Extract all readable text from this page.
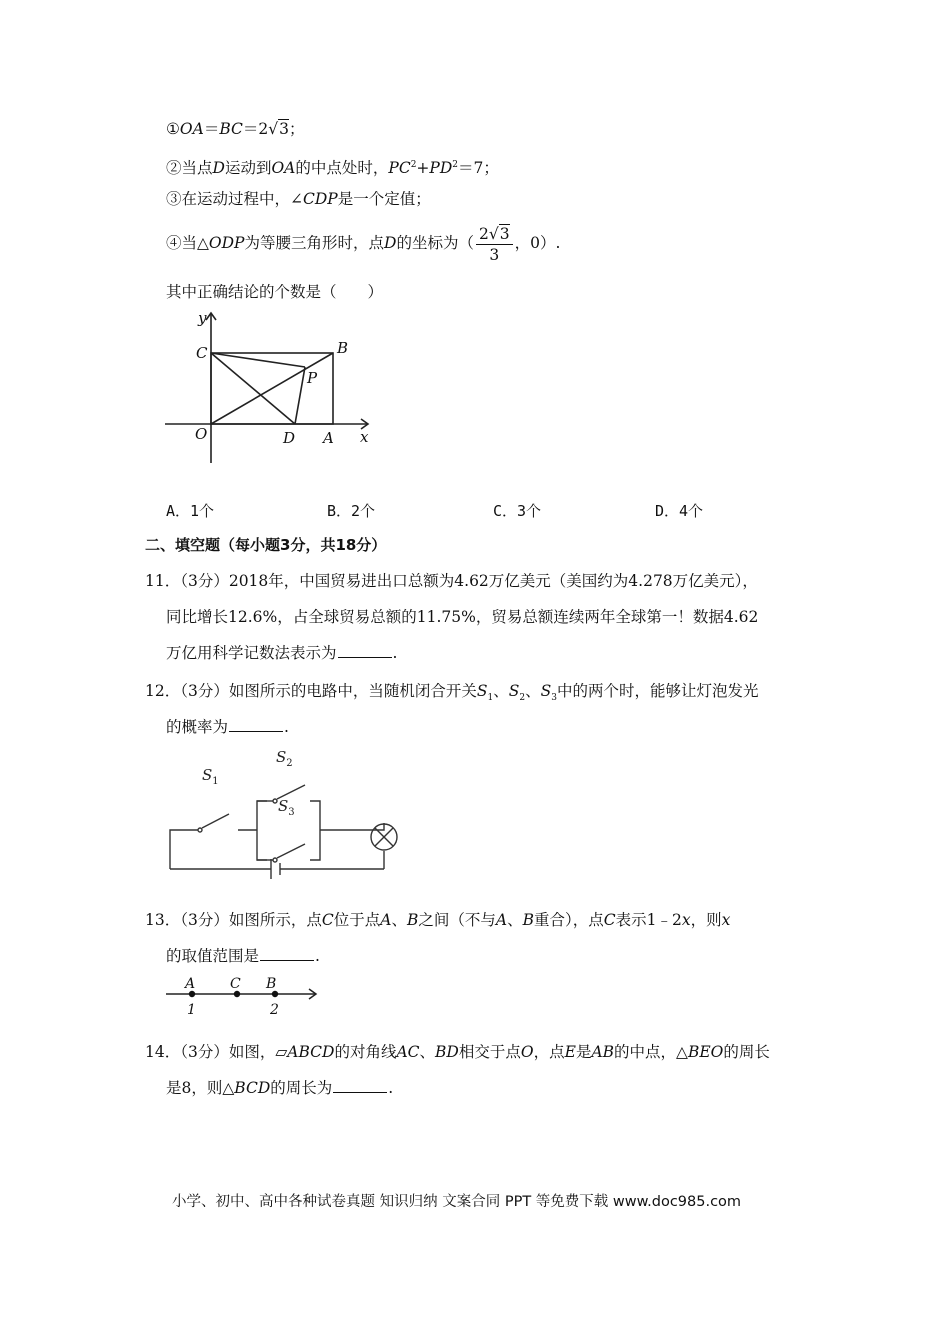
①OA＝BC＝2√3；
②当点D运动到OA的中点处时，$PC^2+PD^2=7$；
③在运动过程中，∠CDP是一个定值；
④当△ODP为等腰三角形时，点D的坐标为（ $\frac{2√3}{3}$ ，0）.
其中正确结论的个数是（　　）
y
x
C	B
P
O	D A
A．1个	B．2个	C．3个	D．4个
二、填空题（每小题3分，共18分）
11．（3分）2018年，中国贸易进出口总额为4.62万亿美元（美国约为4.278万亿美元），
同比增长12.6%，占全球贸易总额的11.75%，贸易总额连续两年全球第一！数据4.62
万亿用科学记数法表示为	.
12．（3分）如图所示的电路中，当随机闭合开关$S_1$、$S_2$、$S_3$中的两个时，能够让灯泡发光
的概率为	.
$S_1$
$S_2$
$S_3$
13．（3分）如图所示，点C位于点A、B之间（不与A、B重合），点C表示1﹣2x，则x
的取值范围是	.
A C B
1	2
14．（3分）如图，▱ABCD的对角线AC、BD相交于点O，点E是AB的中点，△BEO的周长
是8，则△BCD的周长为	.
小学、初中、高中各种试卷真题 知识归纳 文案合同 PPT 等免费下载 www.doc985.com
